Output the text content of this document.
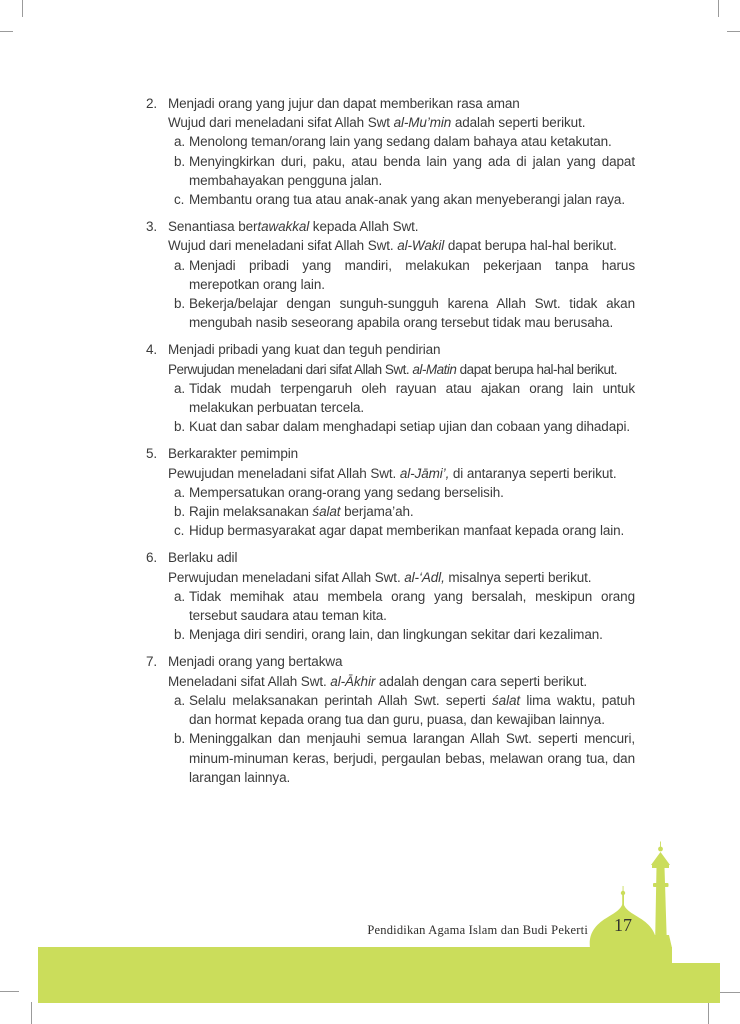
2. Menjadi orang yang jujur dan dapat memberikan rasa aman

Wujud dari meneladani sifat Allah Swt al-Mu’min adalah seperti berikut.

a. Menolong teman/orang lain yang sedang dalam bahaya atau ketakutan.

b. Menyingkirkan duri, paku, atau benda lain yang ada di jalan yang dapat membahayakan pengguna jalan.

c. Membantu orang tua atau anak-anak yang akan menyeberangi jalan raya.

3. Senantiasa bertawakkal kepada Allah Swt.

Wujud dari meneladani sifat Allah Swt. al-Wakil dapat berupa hal-hal berikut.

a. Menjadi pribadi yang mandiri, melakukan pekerjaan tanpa harus merepotkan orang lain.

b. Bekerja/belajar dengan sunguh-sungguh karena Allah Swt. tidak akan mengubah nasib seseorang apabila orang tersebut tidak mau berusaha.

4. Menjadi pribadi yang kuat dan teguh pendirian

Perwujudan meneladani dari sifat Allah Swt. al-Matin dapat berupa hal-hal berikut.

a. Tidak mudah terpengaruh oleh rayuan atau ajakan orang lain untuk melakukan perbuatan tercela.

b. Kuat dan sabar dalam menghadapi setiap ujian dan cobaan yang dihadapi.

5. Berkarakter pemimpin

Pewujudan meneladani sifat Allah Swt. al-Jāmi’, di antaranya seperti berikut.

a. Mempersatukan orang-orang yang sedang berselisih.

b. Rajin melaksanakan śalat berjama’ah.

c. Hidup bermasyarakat agar dapat memberikan manfaat kepada orang lain.

6. Berlaku adil

Perwujudan meneladani sifat Allah Swt. al-‘Adl, misalnya seperti berikut.

a. Tidak memihak atau membela orang yang bersalah, meskipun orang tersebut saudara atau teman kita.

b. Menjaga diri sendiri, orang lain, dan lingkungan sekitar dari kezaliman.

7. Menjadi orang yang bertakwa

Meneladani sifat Allah Swt. al-Ākhir adalah dengan cara seperti berikut.

a. Selalu melaksanakan perintah Allah Swt. seperti śalat lima waktu, patuh dan hormat kepada orang tua dan guru, puasa, dan kewajiban lainnya.

b. Meninggalkan dan menjauhi semua larangan Allah Swt. seperti mencuri, minum-minuman keras, berjudi, pergaulan bebas, melawan orang tua, dan larangan lainnya.

Pendidikan Agama Islam dan Budi Pekerti	17
